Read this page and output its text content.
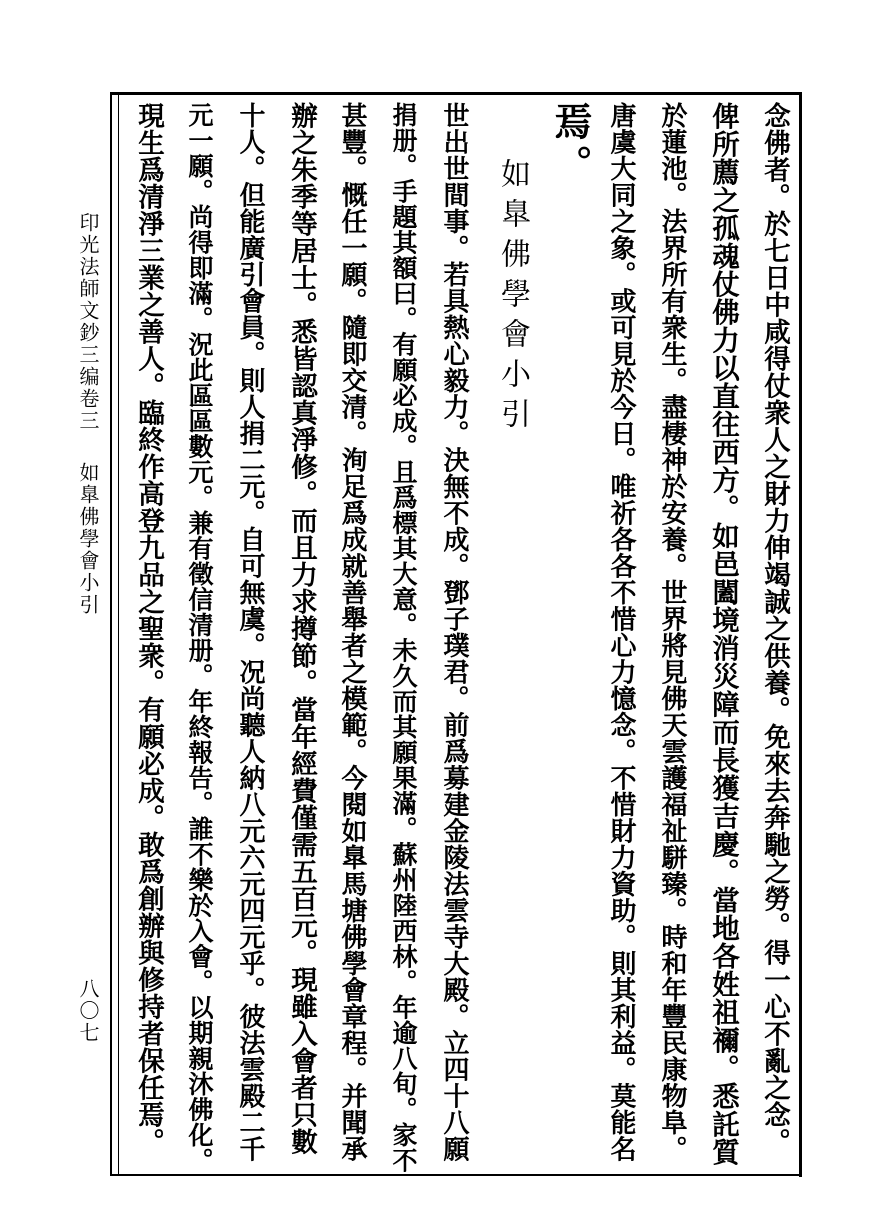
印光法師文鈔三编卷三
如臯佛學會小引
八〇七	念佛者。於七日中咸得仗衆人之財力伸竭誠之供養。免來去奔馳之勞。得一心不亂之念。
俾所薦之孤魂仗佛力以直往西方。如邑闔境消災障而長獲吉慶。當地各姓祖禰。悉託質
於蓮池。法界所有衆生。盡棲神於安養。世界將見佛天雲護福祉駢臻。時和年豐民康物阜。
唐虞大同之象。或可見於今日。唯祈各各不惜心力憶念。不惜財力資助。則其利益。莫能名
焉。
如臯佛學會小引
世出世間事。若具熱心毅力。決無不成。鄧子璞君。前爲募建金陵法雲寺大殿。立四十八願
捐册。手題其額曰。有願必成。且爲標其大意。未久而其願果滿。蘇州陸西林。年逾八旬。家不
甚豐。慨任一願。隨即交清。洵足爲成就善舉者之模範。今閱如臯馬塘佛學會章程。并聞承
辦之朱季等居士。悉皆認真淨修。而且力求撙節。當年經費僅需五百元。現雖入會者只數
十人。但能廣引會員。則人捐二元。自可無虞。况尚聽人納八元六元四元乎。彼法雲殿二千
元一願。尚得即滿。況此區區數元。兼有徵信清册。年終報告。誰不樂於入會。以期親沐佛化。
現生爲清淨三業之善人。臨終作高登九品之聖衆。有願必成。敢爲創辦與修持者保任焉。
